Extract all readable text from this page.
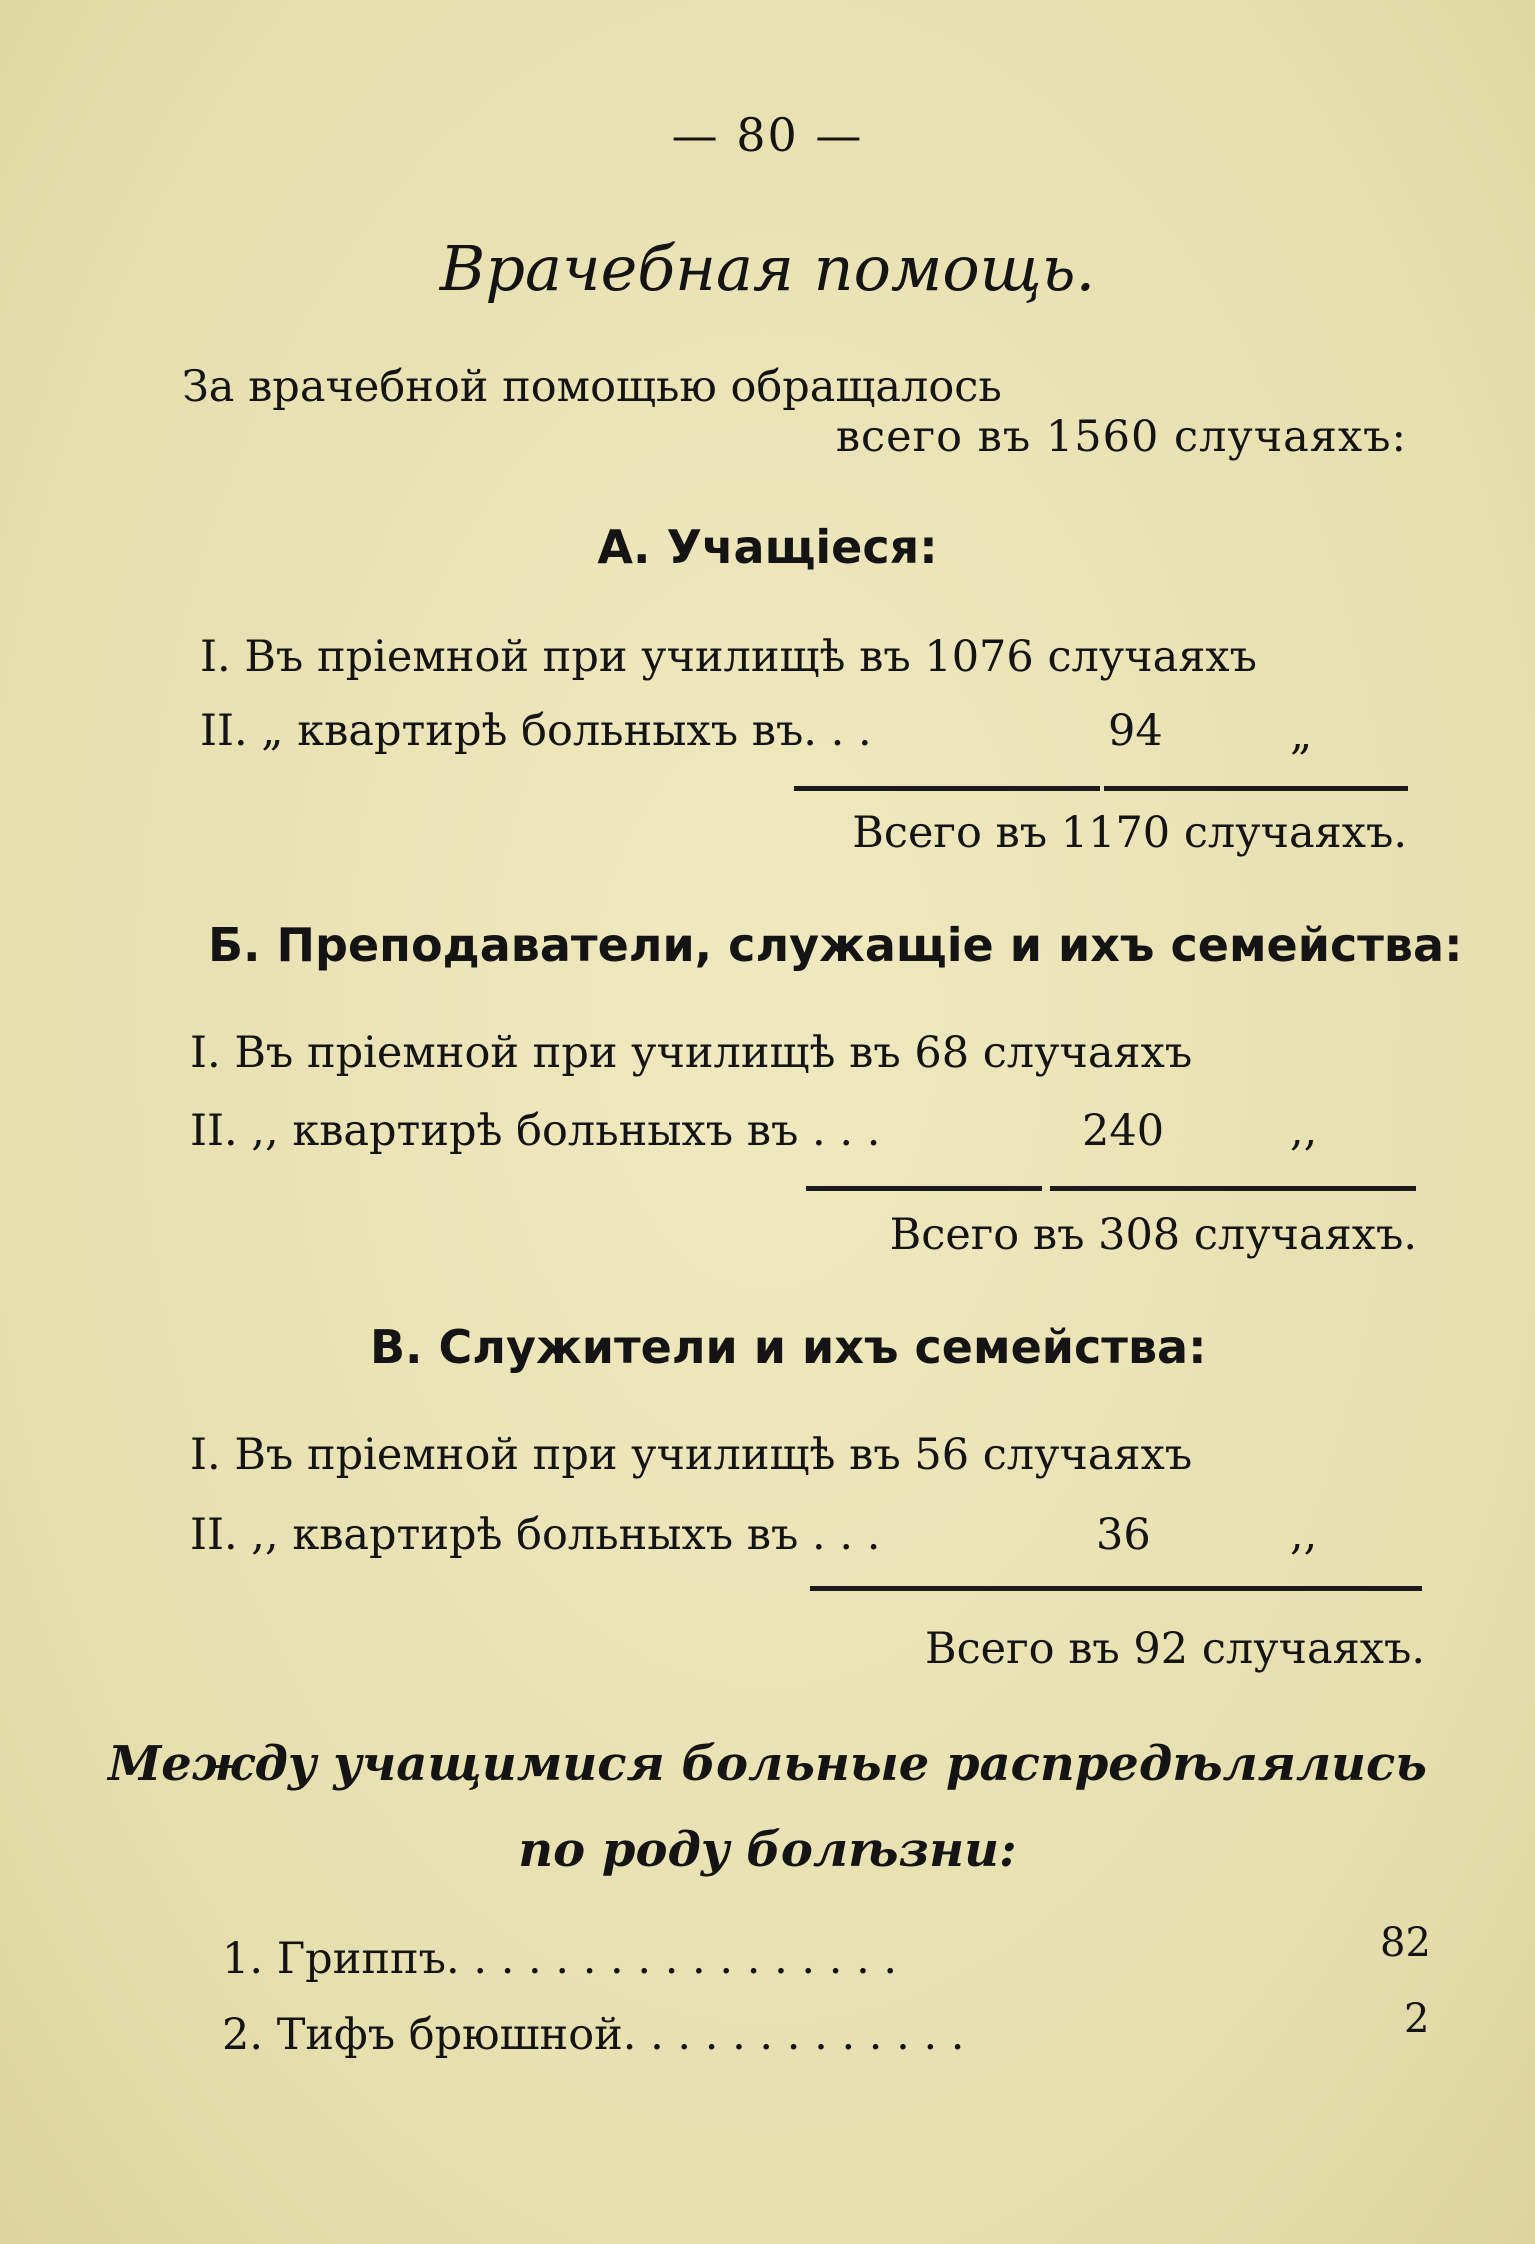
— 80 —
Врачебная помощь.
За врачебной помощью обращалось
всего въ 1560 случаяхъ:
А. Учащіеся:
I. Въ пріемной при училищѣ въ 1076 случаяхъ
II. „ квартирѣ больныхъ въ. . .	94	„
Всего въ 1170 случаяхъ.
Б. Преподаватели, служащіе и ихъ семейства:
I. Въ пріемной при училищѣ въ 68 случаяхъ
II. ,, квартирѣ больныхъ въ . . .	240	,,
Всего въ 308 случаяхъ.
В. Служители и ихъ семейства:
I. Въ пріемной при училищѣ въ 56 случаяхъ
II. ,, квартирѣ больныхъ въ . . .	36	,,
Всего въ 92 случаяхъ.
Между учащимися больные распредѣлялись
по роду болѣзни:
1. Гриппъ. . . . . . . . . . . . . . . . .	82
2. Тифъ брюшной. . . . . . . . . . . . .	2
